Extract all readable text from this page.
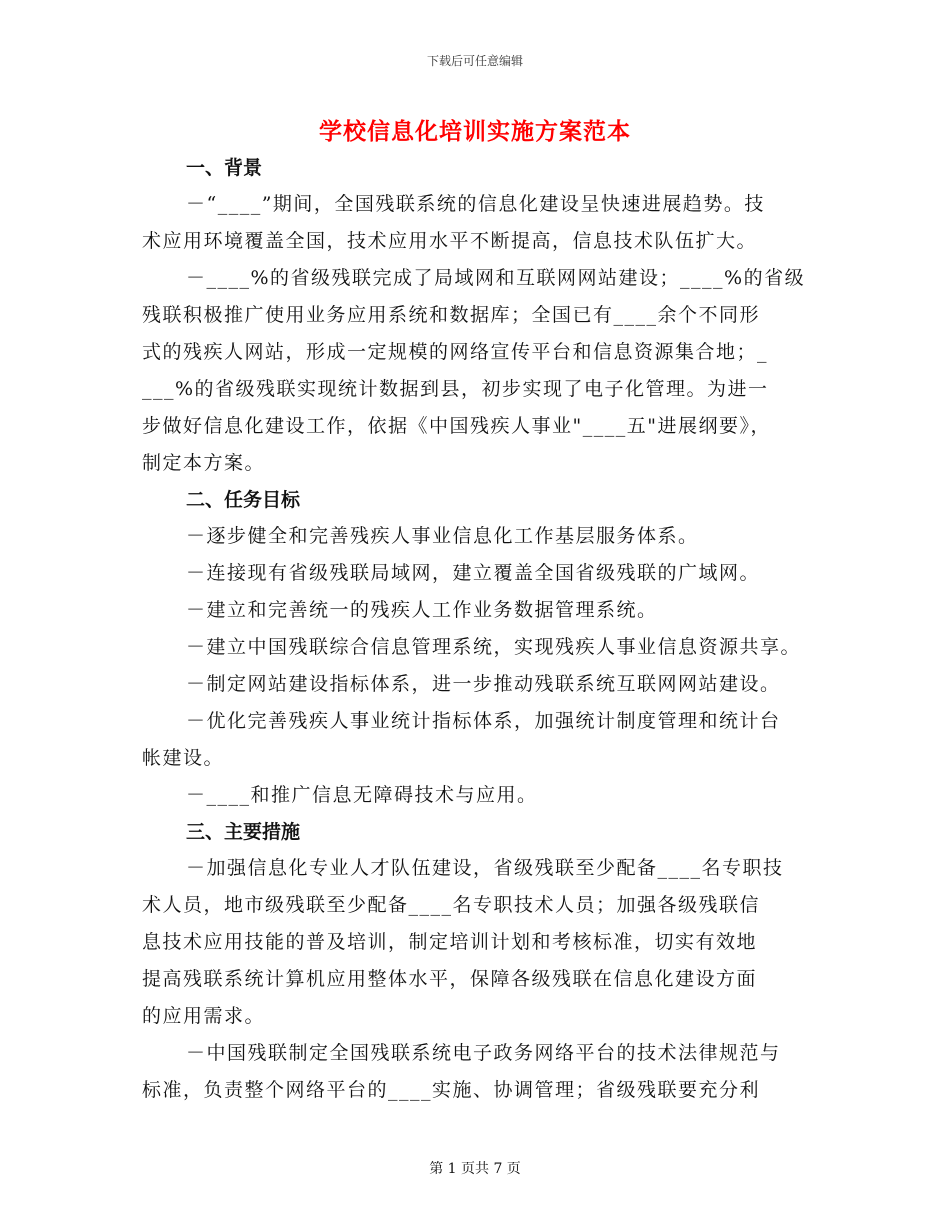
下载后可任意编辑
学校信息化培训实施方案范本
一、背景
－“____”期间，全国残联系统的信息化建设呈快速进展趋势。技
术应用环境覆盖全国，技术应用水平不断提高，信息技术队伍扩大。
－____%的省级残联完成了局域网和互联网网站建设；____%的省级
残联积极推广使用业务应用系统和数据库；全国已有____余个不同形
式的残疾人网站，形成一定规模的网络宣传平台和信息资源集合地；_
___%的省级残联实现统计数据到县，初步实现了电子化管理。为进一
步做好信息化建设工作，依据《中国残疾人事业"____五"进展纲要》，
制定本方案。
二、任务目标
－逐步健全和完善残疾人事业信息化工作基层服务体系。
－连接现有省级残联局域网，建立覆盖全国省级残联的广域网。
－建立和完善统一的残疾人工作业务数据管理系统。
－建立中国残联综合信息管理系统，实现残疾人事业信息资源共享。
－制定网站建设指标体系，进一步推动残联系统互联网网站建设。
－优化完善残疾人事业统计指标体系，加强统计制度管理和统计台
帐建设。
－____和推广信息无障碍技术与应用。
三、主要措施
－加强信息化专业人才队伍建设，省级残联至少配备____名专职技
术人员，地市级残联至少配备____名专职技术人员；加强各级残联信
息技术应用技能的普及培训，制定培训计划和考核标准，切实有效地
提高残联系统计算机应用整体水平，保障各级残联在信息化建设方面
的应用需求。
－中国残联制定全国残联系统电子政务网络平台的技术法律规范与
标准，负责整个网络平台的____实施、协调管理；省级残联要充分利
第 1 页共 7 页
